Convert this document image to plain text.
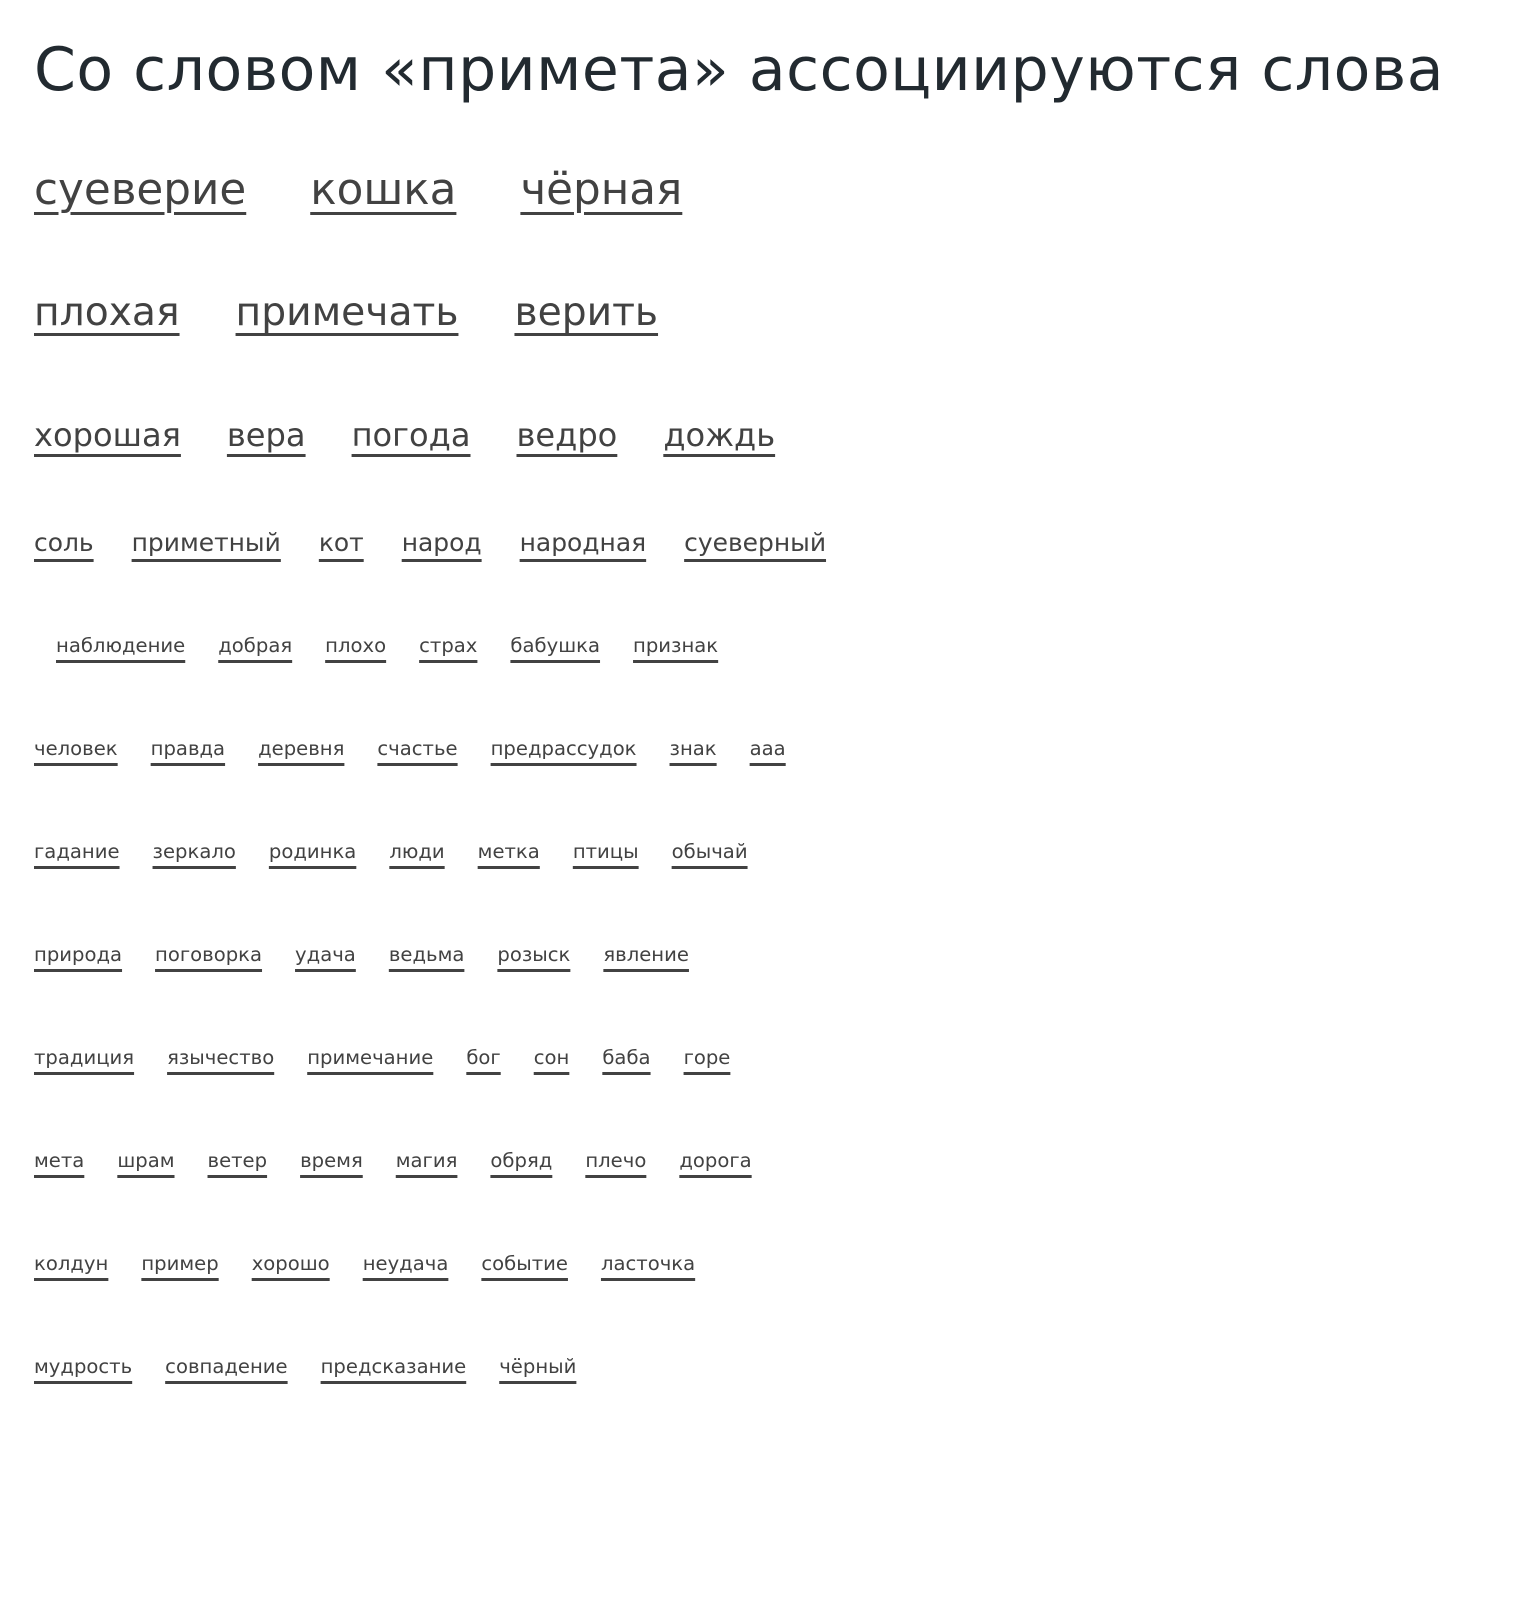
Со словом «примета» ассоциируются слова
суеверие кошка чёрная
плохая примечать верить
хорошая вера погода ведро дождь
соль приметный кот народ народная суеверный
наблюдение добрая плохо страх бабушка признак
человек правда деревня счастье предрассудок знак ааа
гадание зеркало родинка люди метка птицы обычай
природа поговорка удача ведьма розыск явление
традиция язычество примечание бог сон баба горе
мета шрам ветер время магия обряд плечо дорога
колдун пример хорошо неудача событие ласточка
мудрость совпадение предсказание чёрный
